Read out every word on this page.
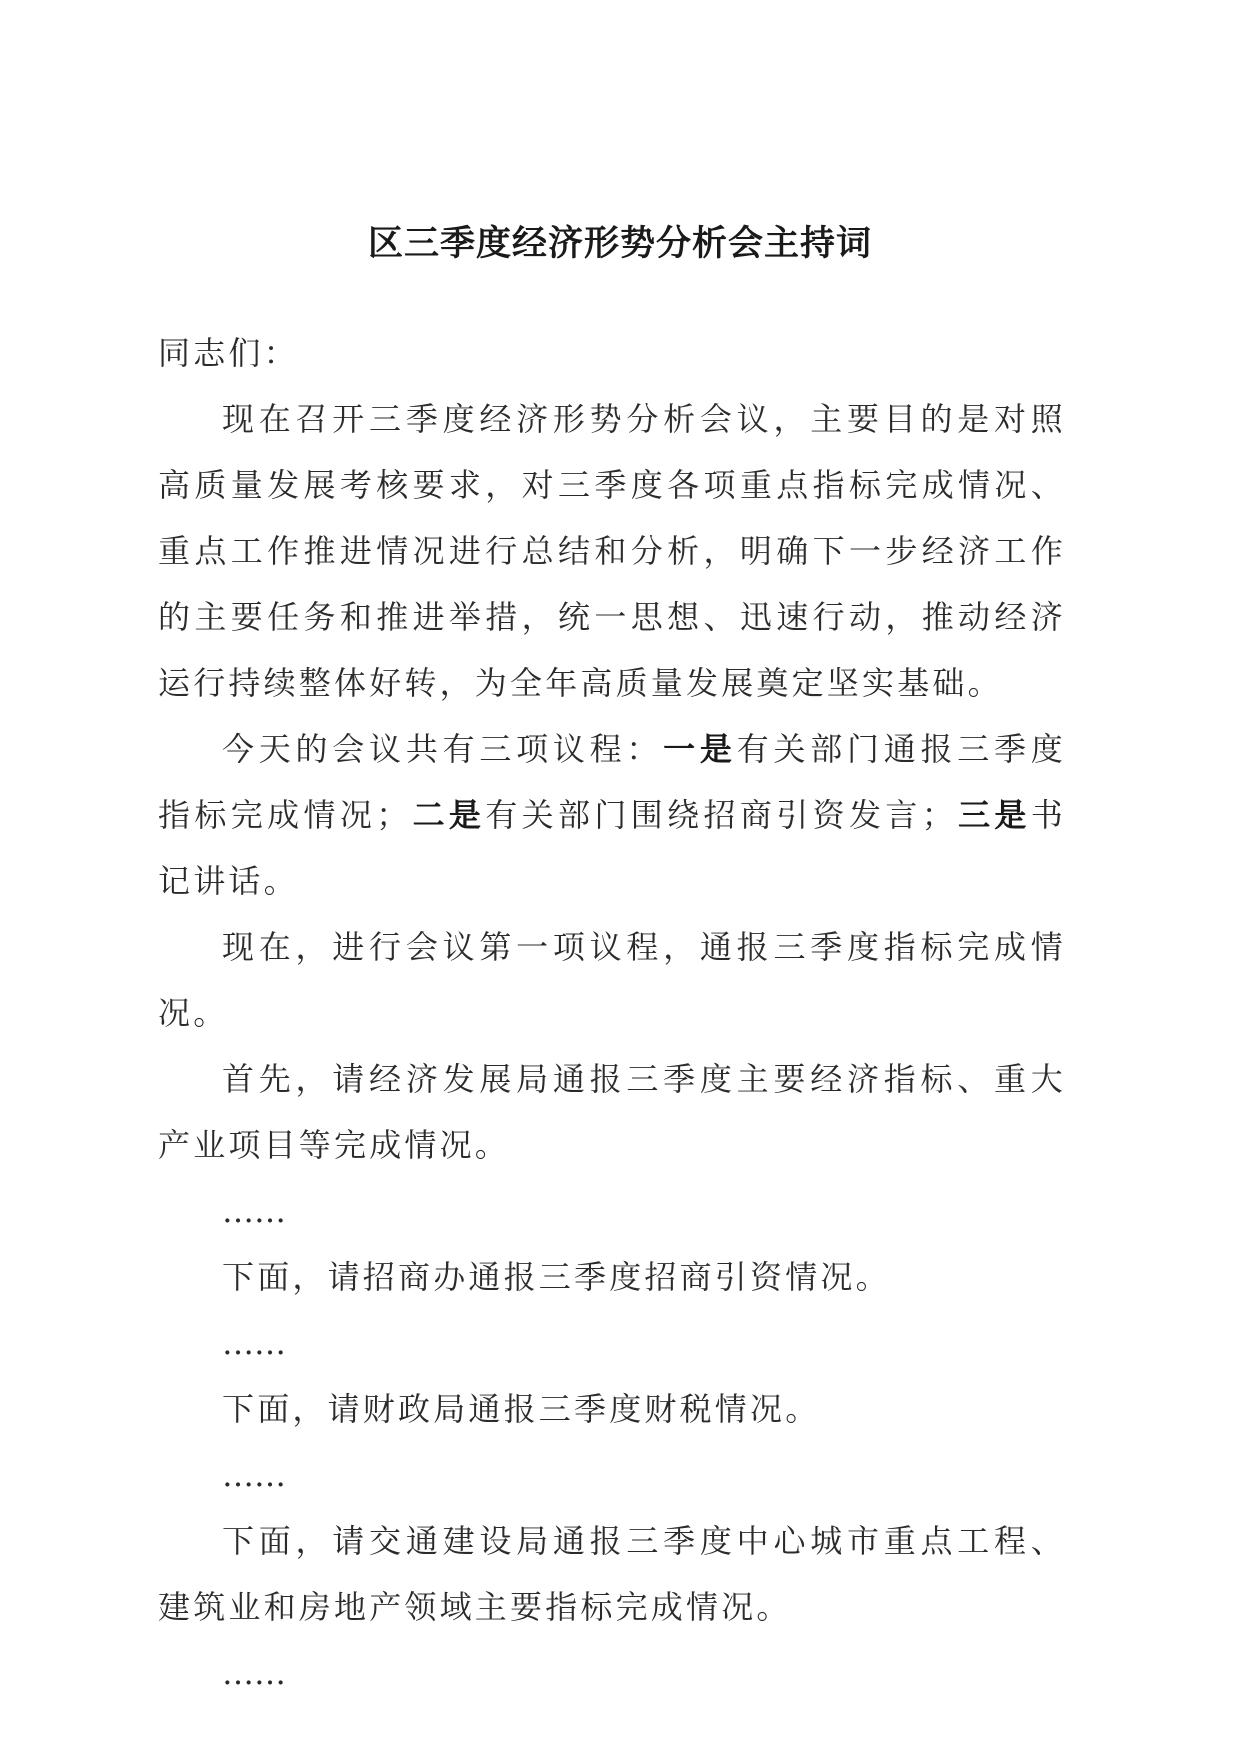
区三季度经济形势分析会主持词

同志们：

现在召开三季度经济形势分析会议，主要目的是对照高质量发展考核要求，对三季度各项重点指标完成情况、重点工作推进情况进行总结和分析，明确下一步经济工作的主要任务和推进举措，统一思想、迅速行动，推动经济运行持续整体好转，为全年高质量发展奠定坚实基础。

今天的会议共有三项议程：一是有关部门通报三季度指标完成情况；二是有关部门围绕招商引资发言；三是书记讲话。

现在，进行会议第一项议程，通报三季度指标完成情况。

首先，请经济发展局通报三季度主要经济指标、重大产业项目等完成情况。

……

下面，请招商办通报三季度招商引资情况。

……

下面，请财政局通报三季度财税情况。

……

下面，请交通建设局通报三季度中心城市重点工程、建筑业和房地产领域主要指标完成情况。

……
